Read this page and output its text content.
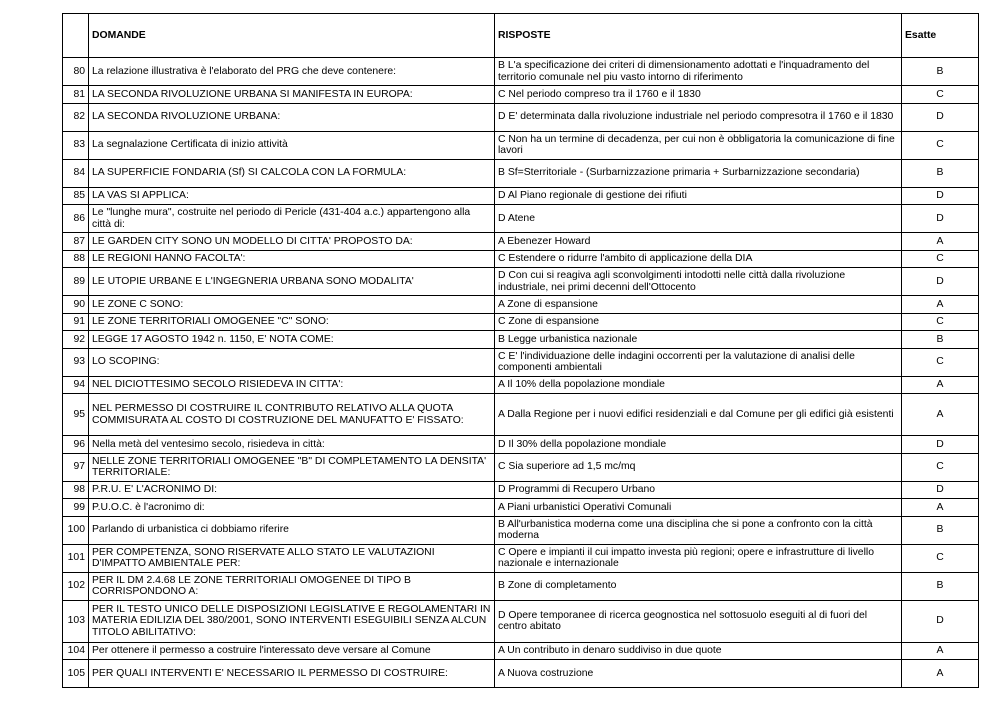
	DOMANDE	RISPOSTE	Esatte
80	La relazione illustrativa è l'elaborato del PRG che deve contenere:	B L'a specificazione dei criteri di dimensionamento adottati e l'inquadramento del territorio comunale nel piu vasto intorno di riferimento	B
81	LA SECONDA RIVOLUZIONE URBANA SI MANIFESTA IN EUROPA:	C Nel periodo compreso tra il 1760 e il 1830	C
82	LA SECONDA RIVOLUZIONE URBANA:	D E' determinata dalla rivoluzione industriale nel periodo compresotra il 1760 e il 1830	D
83	La segnalazione Certificata di inizio attività	C Non ha un termine di decadenza, per cui non è obbligatoria la comunicazione di fine lavori	C
84	LA SUPERFICIE FONDARIA (Sf) SI CALCOLA CON LA FORMULA:	B Sf=Sterritoriale - (Surbarnizzazione primaria + Surbarnizzazione secondaria)	B
85	LA VAS SI APPLICA:	D Al Piano regionale di gestione dei rifiuti	D
86	Le "lunghe mura", costruite nel periodo di Pericle (431-404 a.c.) appartengono alla città di:	D Atene	D
87	LE GARDEN CITY SONO UN MODELLO DI CITTA' PROPOSTO DA:	A Ebenezer Howard	A
88	LE REGIONI HANNO FACOLTA':	C Estendere o ridurre l'ambito di applicazione della DIA	C
89	LE UTOPIE URBANE E L'INGEGNERIA URBANA SONO MODALITA'	D Con cui si reagiva agli sconvolgimenti intodotti nelle città dalla rivoluzione industriale, nei primi decenni dell'Ottocento	D
90	LE ZONE C SONO:	A Zone di espansione	A
91	LE ZONE TERRITORIALI OMOGENEE "C" SONO:	C Zone di espansione	C
92	LEGGE 17 AGOSTO 1942 n. 1150, E' NOTA COME:	B Legge urbanistica nazionale	B
93	LO SCOPING:	C E' l'individuazione delle indagini occorrenti per la valutazione di analisi delle componenti ambientali	C
94	NEL DICIOTTESIMO SECOLO RISIEDEVA IN CITTA':	A Il 10% della popolazione mondiale	A
95	NEL PERMESSO DI COSTRUIRE IL CONTRIBUTO RELATIVO ALLA QUOTA COMMISURATA AL COSTO DI COSTRUZIONE DEL MANUFATTO E' FISSATO:	A Dalla Regione per i nuovi edifici residenziali e dal Comune per gli edifici già esistenti	A
96	Nella metà del ventesimo secolo, risiedeva in città:	D Il 30% della popolazione mondiale	D
97	NELLE ZONE TERRITORIALI OMOGENEE "B" DI COMPLETAMENTO LA DENSITA' TERRITORIALE:	C Sia superiore ad 1,5 mc/mq	C
98	P.R.U. E' L'ACRONIMO DI:	D Programmi di Recupero Urbano	D
99	P.U.O.C. è l'acronimo di:	A Piani urbanistici Operativi Comunali	A
100	Parlando di urbanistica ci dobbiamo riferire	B All'urbanistica moderna come una disciplina che si pone a confronto con la città moderna	B
101	PER COMPETENZA, SONO RISERVATE ALLO STATO LE VALUTAZIONI D'IMPATTO AMBIENTALE PER:	C Opere e impianti il cui impatto investa più regioni; opere e infrastrutture di livello nazionale e internazionale	C
102	PER IL DM 2.4.68 LE ZONE TERRITORIALI OMOGENEE DI TIPO B CORRISPONDONO A:	B Zone di completamento	B
103	PER IL TESTO UNICO DELLE DISPOSIZIONI LEGISLATIVE E REGOLAMENTARI IN MATERIA EDILIZIA DEL 380/2001, SONO INTERVENTI ESEGUIBILI SENZA ALCUN TITOLO ABILITATIVO:	D Opere temporanee di ricerca geognostica nel sottosuolo eseguiti al di fuori del centro abitato	D
104	Per ottenere il permesso a costruire l'interessato deve versare al Comune	A Un contributo in denaro suddiviso in due quote	A
105	PER QUALI INTERVENTI E' NECESSARIO IL PERMESSO DI COSTRUIRE:	A Nuova costruzione	A
